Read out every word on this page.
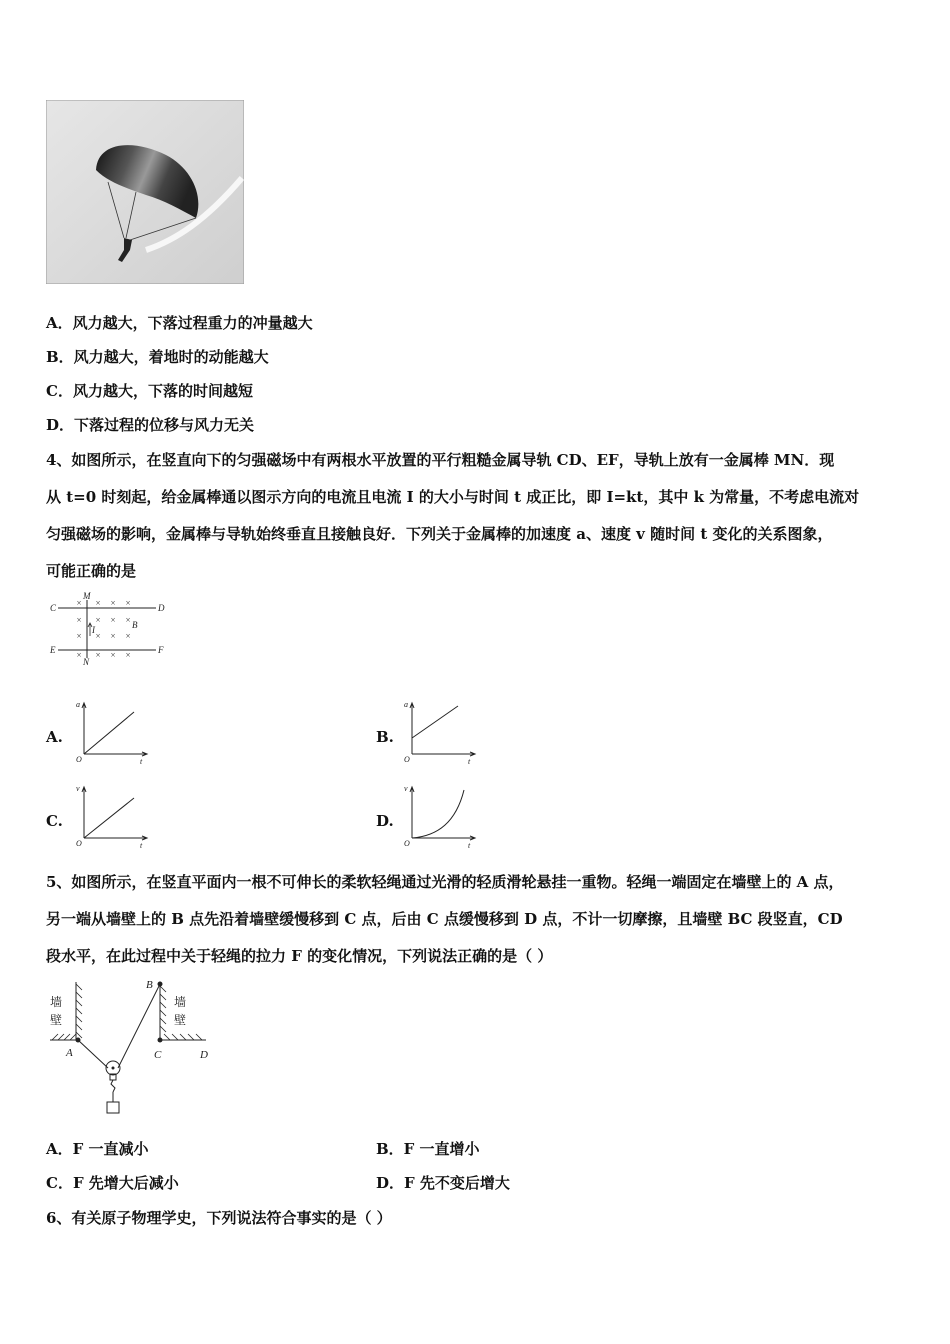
A．风力越大，下落过程重力的冲量越大
B．风力越大，着地时的动能越大
C．风力越大，下落的时间越短
D．下落过程的位移与风力无关
4、如图所示，在竖直向下的匀强磁场中有两根水平放置的平行粗糙金属导轨 CD、EF，导轨上放有一金属棒 MN．现
从 t=0 时刻起，给金属棒通以图示方向的电流且电流 I 的大小与时间 t 成正比，即 I=kt，其中 k 为常量，不考虑电流对
匀强磁场的影响，金属棒与导轨始终垂直且接触良好．下列关于金属棒的加速度 a、速度 v 随时间 t 变化的关系图象，
可能正确的是
× × × ×
× × × ×
× × × ×
× × × ×
C	D
E	F
M
N
B
I
A.	B.
C.	D.
a
t
O
a
t
O
v
t
O
v
t
O
5、如图所示，在竖直平面内一根不可伸长的柔软轻绳通过光滑的轻质滑轮悬挂一重物。轻绳一端固定在墙壁上的 A 点，
另一端从墙壁上的 B 点先沿着墙壁缓慢移到 C 点，后由 C 点缓慢移到 D 点，不计一切摩擦，且墙壁 BC 段竖直，CD
段水平，在此过程中关于轻绳的拉力 F 的变化情况，下列说法正确的是（ ）
墙
壁
墙
壁
A
B
C	D
A．F 一直减小	B．F 一直增小
C．F 先增大后减小	D．F 先不变后增大
6、有关原子物理学史，下列说法符合事实的是（ ）
